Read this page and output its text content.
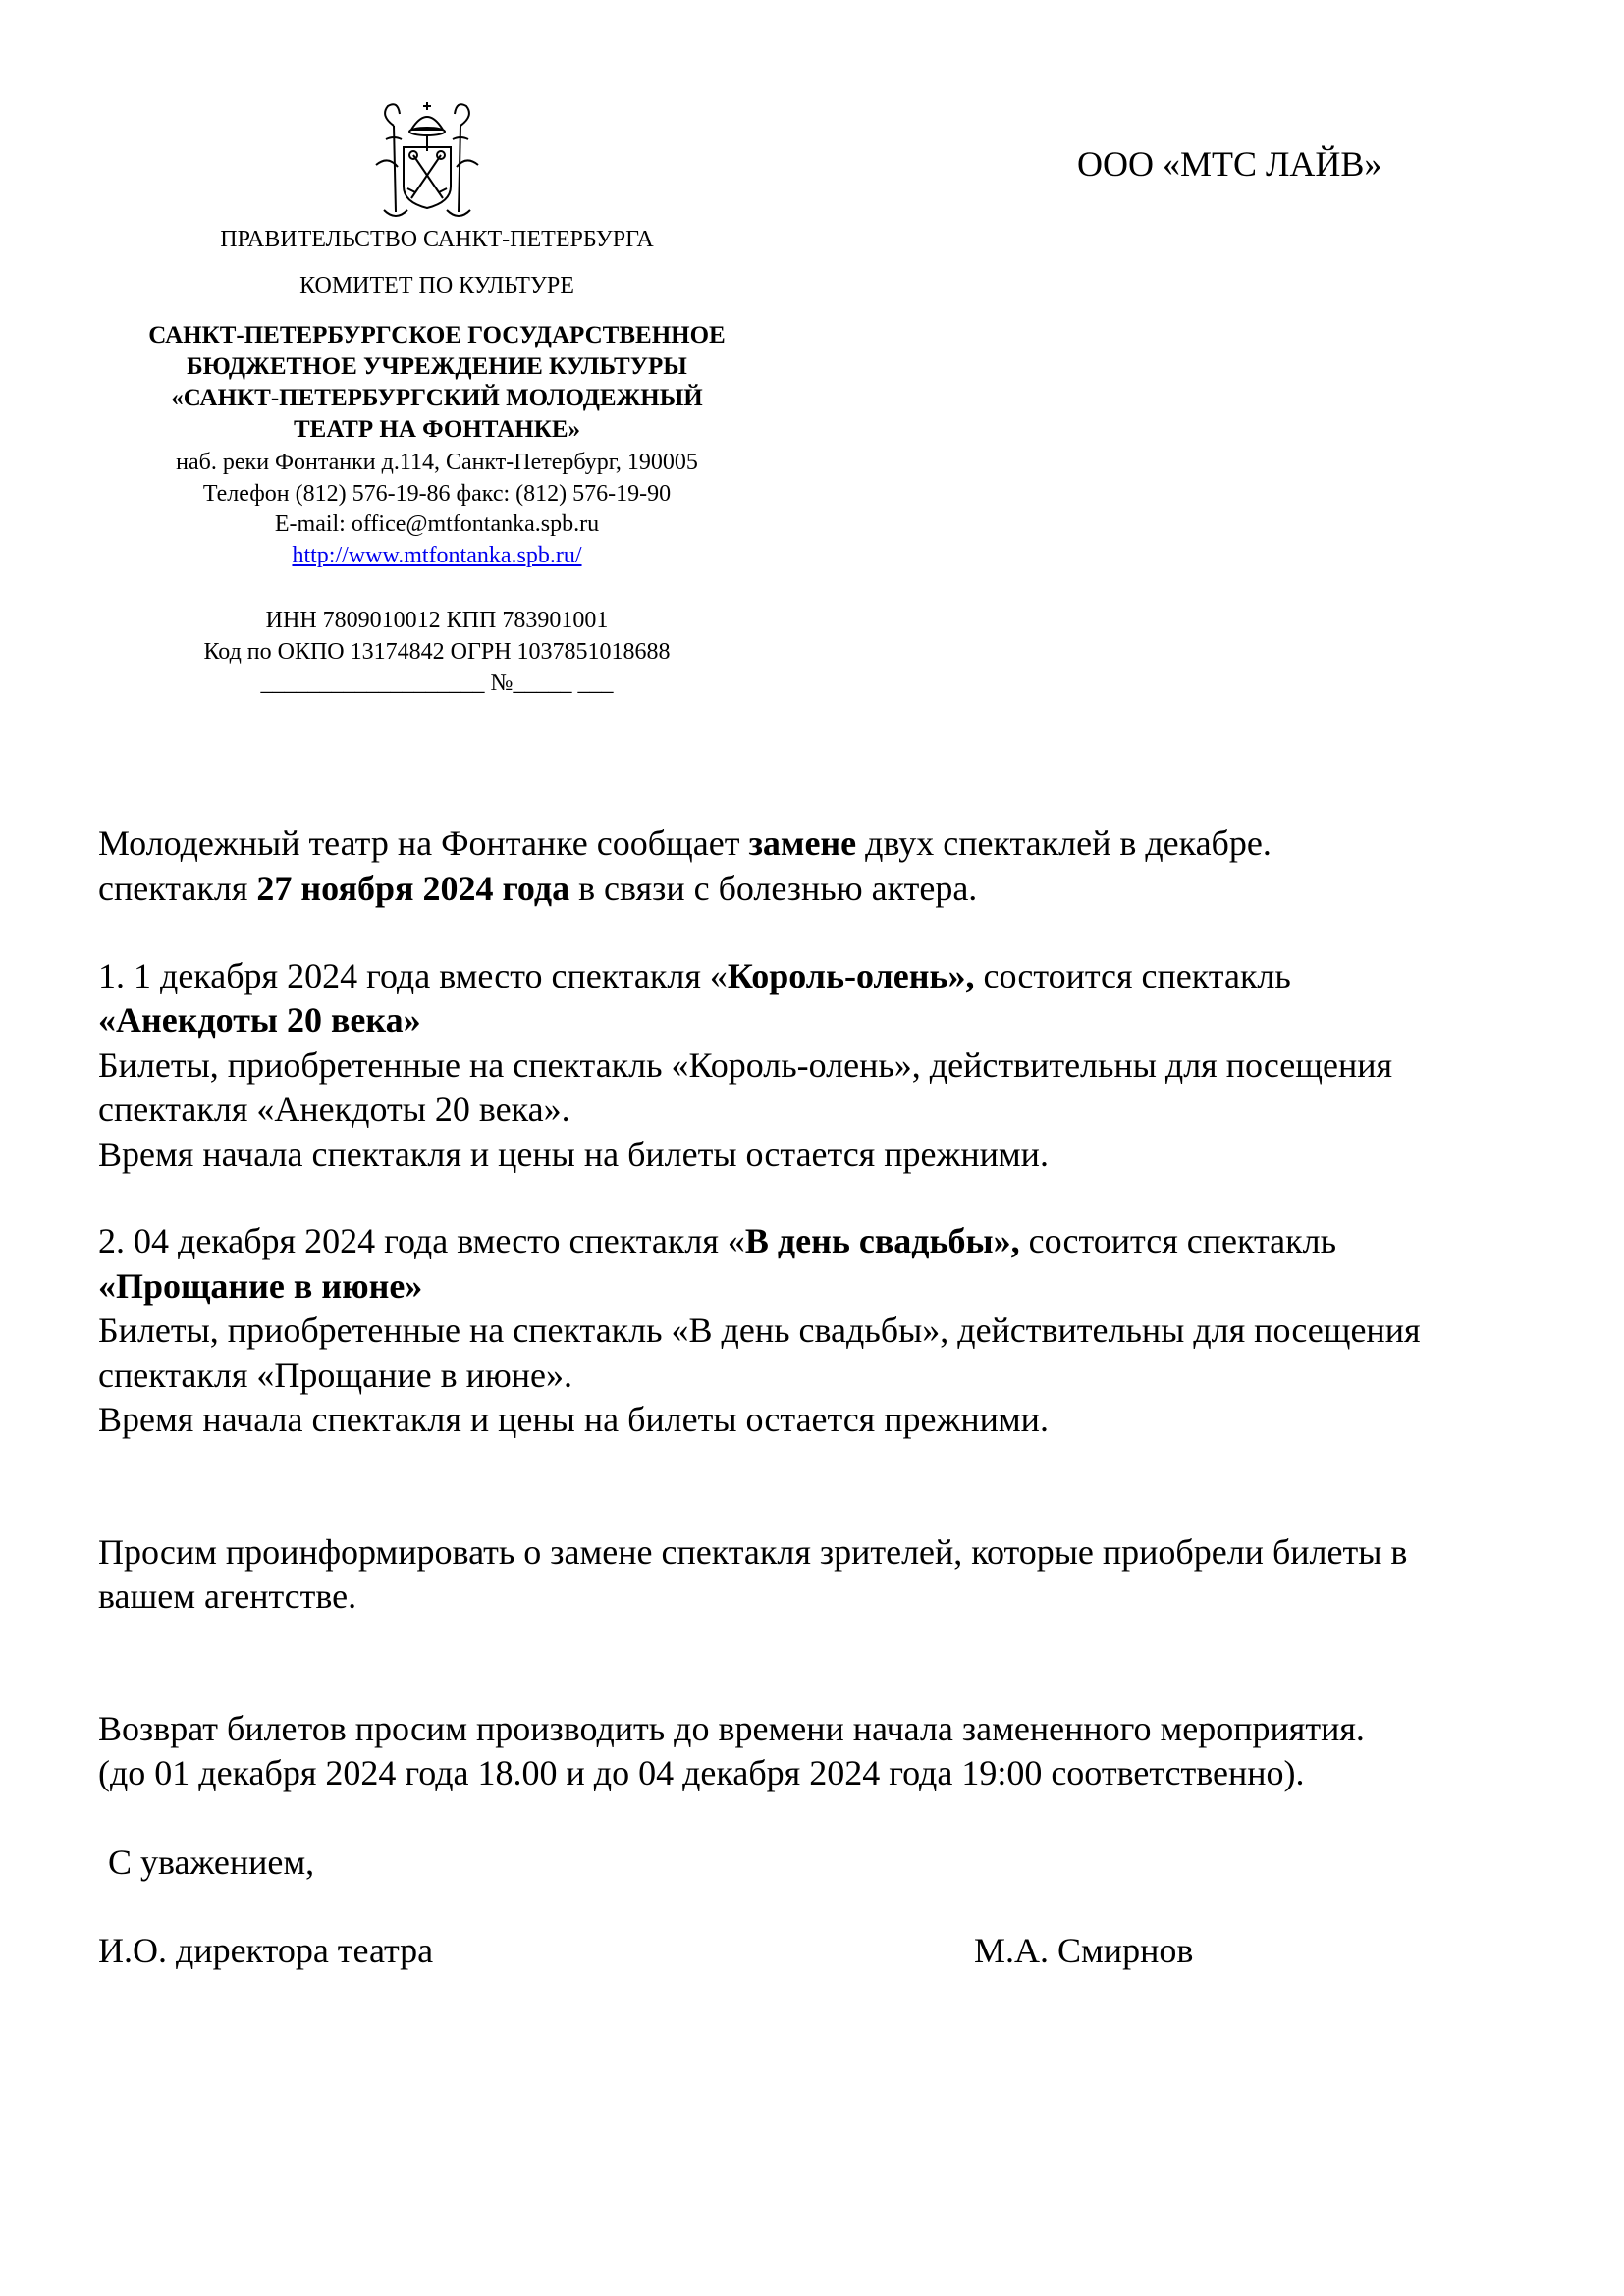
ООО «МТС ЛАЙВ»
ПРАВИТЕЛЬСТВО САНКТ-ПЕТЕРБУРГА
КОМИТЕТ ПО КУЛЬТУРЕ
САНКТ-ПЕТЕРБУРГСКОЕ ГОСУДАРСТВЕННОЕ
БЮДЖЕТНОЕ УЧРЕЖДЕНИЕ КУЛЬТУРЫ
«САНКТ-ПЕТЕРБУРГСКИЙ МОЛОДЕЖНЫЙ
ТЕАТР НА ФОНТАНКЕ»
наб. реки Фонтанки д.114, Санкт-Петербург, 190005
Телефон (812) 576-19-86 факс: (812) 576-19-90
E-mail: office@mtfontanka.spb.ru
http://www.mtfontanka.spb.ru/
ИНН 7809010012 КПП 783901001
Код по ОКПО 13174842 ОГРН 1037851018688
___________________ №_____ ___
Молодежный театр на Фонтанке сообщает замене двух спектаклей в декабре.
спектакля 27 ноября 2024 года в связи с болезнью актера.
1. 1 декабря 2024 года вместо спектакля «Король-олень», состоится спектакль
«Анекдоты 20 века»
Билеты, приобретенные на спектакль «Король-олень», действительны для посещения
спектакля «Анекдоты 20 века».
Время начала спектакля и цены на билеты остается прежними.
2. 04 декабря 2024 года вместо спектакля «В день свадьбы», состоится спектакль
«Прощание в июне»
Билеты, приобретенные на спектакль «В день свадьбы», действительны для посещения
спектакля «Прощание в июне».
Время начала спектакля и цены на билеты остается прежними.
Просим проинформировать о замене спектакля зрителей, которые приобрели билеты в
вашем агентстве.
Возврат билетов просим производить до времени начала замененного мероприятия.
(до 01 декабря 2024 года 18.00 и до 04 декабря 2024 года 19:00 соответственно).
С уважением,
И.О. директора театра	М.А. Смирнов
